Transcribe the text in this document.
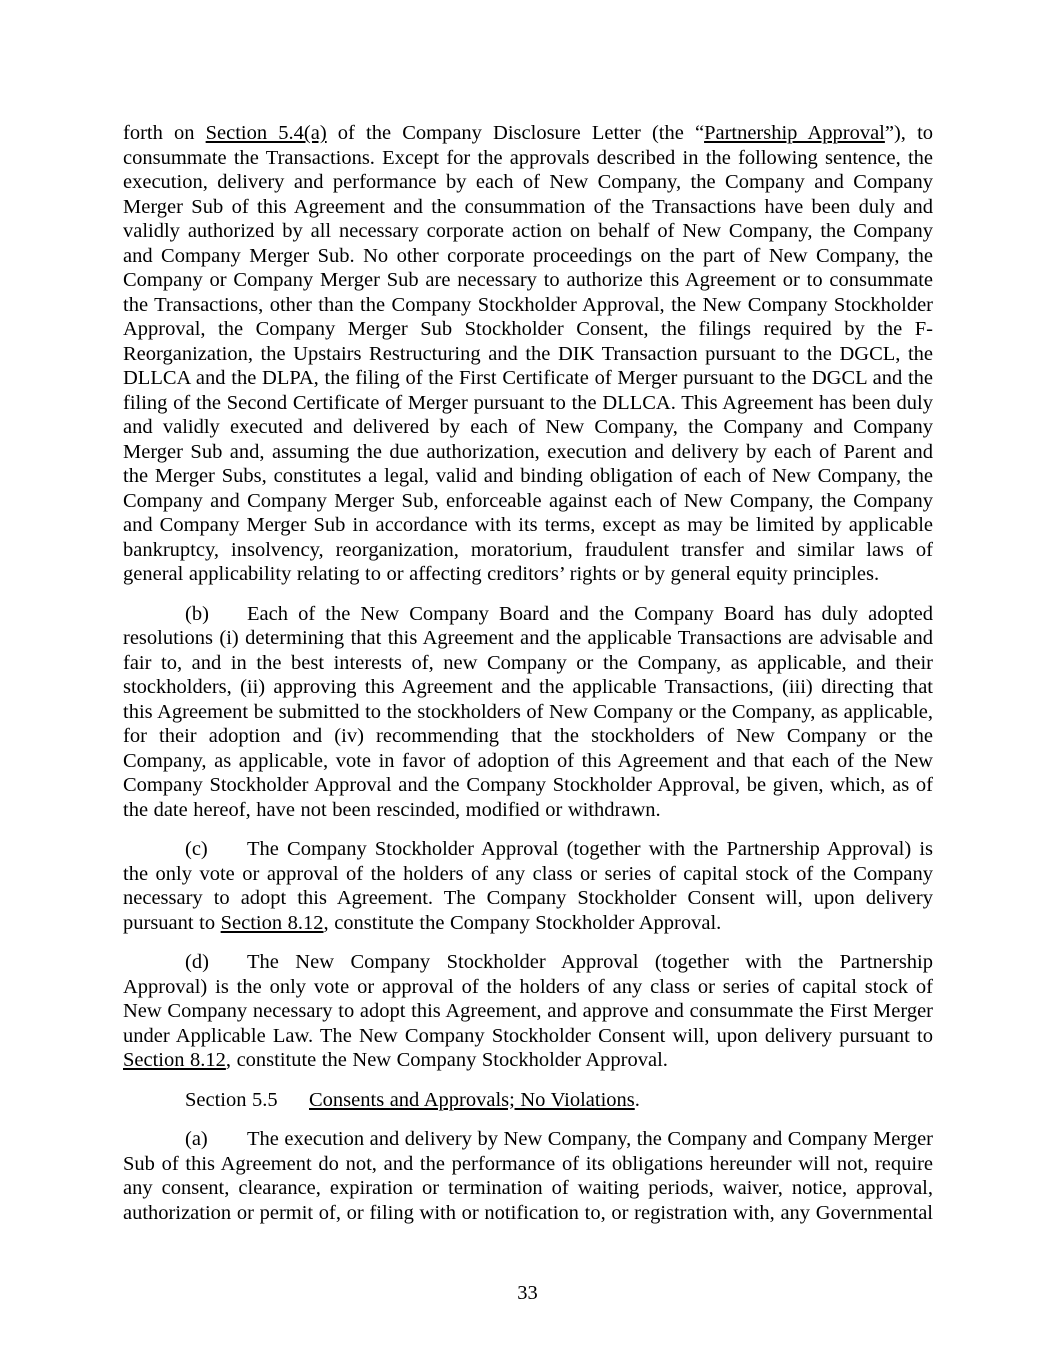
forth on Section 5.4(a) of the Company Disclosure Letter (the “Partnership Approval”), to consummate the Transactions. Except for the approvals described in the following sentence, the execution, delivery and performance by each of New Company, the Company and Company Merger Sub of this Agreement and the consummation of the Transactions have been duly and validly authorized by all necessary corporate action on behalf of New Company, the Company and Company Merger Sub. No other corporate proceedings on the part of New Company, the Company or Company Merger Sub are necessary to authorize this Agreement or to consummate the Transactions, other than the Company Stockholder Approval, the New Company Stockholder Approval, the Company Merger Sub Stockholder Consent, the filings required by the F-Reorganization, the Upstairs Restructuring and the DIK Transaction pursuant to the DGCL, the DLLCA and the DLPA, the filing of the First Certificate of Merger pursuant to the DGCL and the filing of the Second Certificate of Merger pursuant to the DLLCA. This Agreement has been duly and validly executed and delivered by each of New Company, the Company and Company Merger Sub and, assuming the due authorization, execution and delivery by each of Parent and the Merger Subs, constitutes a legal, valid and binding obligation of each of New Company, the Company and Company Merger Sub, enforceable against each of New Company, the Company and Company Merger Sub in accordance with its terms, except as may be limited by applicable bankruptcy, insolvency, reorganization, moratorium, fraudulent transfer and similar laws of general applicability relating to or affecting creditors’ rights or by general equity principles.

(b) Each of the New Company Board and the Company Board has duly adopted resolutions (i) determining that this Agreement and the applicable Transactions are advisable and fair to, and in the best interests of, new Company or the Company, as applicable, and their stockholders, (ii) approving this Agreement and the applicable Transactions, (iii) directing that this Agreement be submitted to the stockholders of New Company or the Company, as applicable, for their adoption and (iv) recommending that the stockholders of New Company or the Company, as applicable, vote in favor of adoption of this Agreement and that each of the New Company Stockholder Approval and the Company Stockholder Approval, be given, which, as of the date hereof, have not been rescinded, modified or withdrawn.

(c) The Company Stockholder Approval (together with the Partnership Approval) is the only vote or approval of the holders of any class or series of capital stock of the Company necessary to adopt this Agreement. The Company Stockholder Consent will, upon delivery pursuant to Section 8.12, constitute the Company Stockholder Approval.

(d) The New Company Stockholder Approval (together with the Partnership Approval) is the only vote or approval of the holders of any class or series of capital stock of New Company necessary to adopt this Agreement, and approve and consummate the First Merger under Applicable Law. The New Company Stockholder Consent will, upon delivery pursuant to Section 8.12, constitute the New Company Stockholder Approval.

Section 5.5 Consents and Approvals; No Violations.

(a) The execution and delivery by New Company, the Company and Company Merger Sub of this Agreement do not, and the performance of its obligations hereunder will not, require any consent, clearance, expiration or termination of waiting periods, waiver, notice, approval, authorization or permit of, or filing with or notification to, or registration with, any Governmental

33
